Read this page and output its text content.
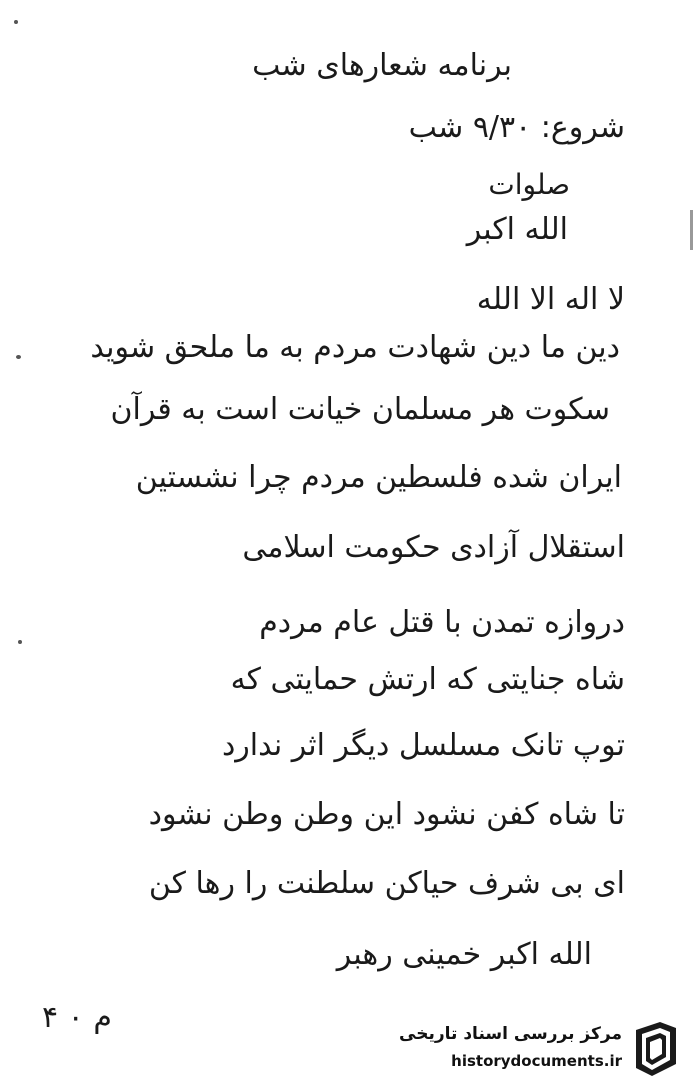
برنامه شعارهای شب
شروع: ۹/۳۰ شب
صلوات
الله اکبر
لا اله الا الله
دین ما دین شهادت مردم به ما ملحق شوید
سکوت هر مسلمان خیانت است به قرآن
ایران شده فلسطین مردم چرا نشستین
استقلال آزادی حکومت اسلامی
دروازه تمدن با قتل عام مردم
شاه جنایتی که ارتش حمایتی که
توپ تانک مسلسل دیگر اثر ندارد
تا شاه کفن نشود این وطن وطن نشود
ای بی شرف حیاکن سلطنت را رها کن
الله اکبر خمینی رهبر
م ۰ ۴	مرکز بررسی اسناد تاریخی
historydocuments.ir
